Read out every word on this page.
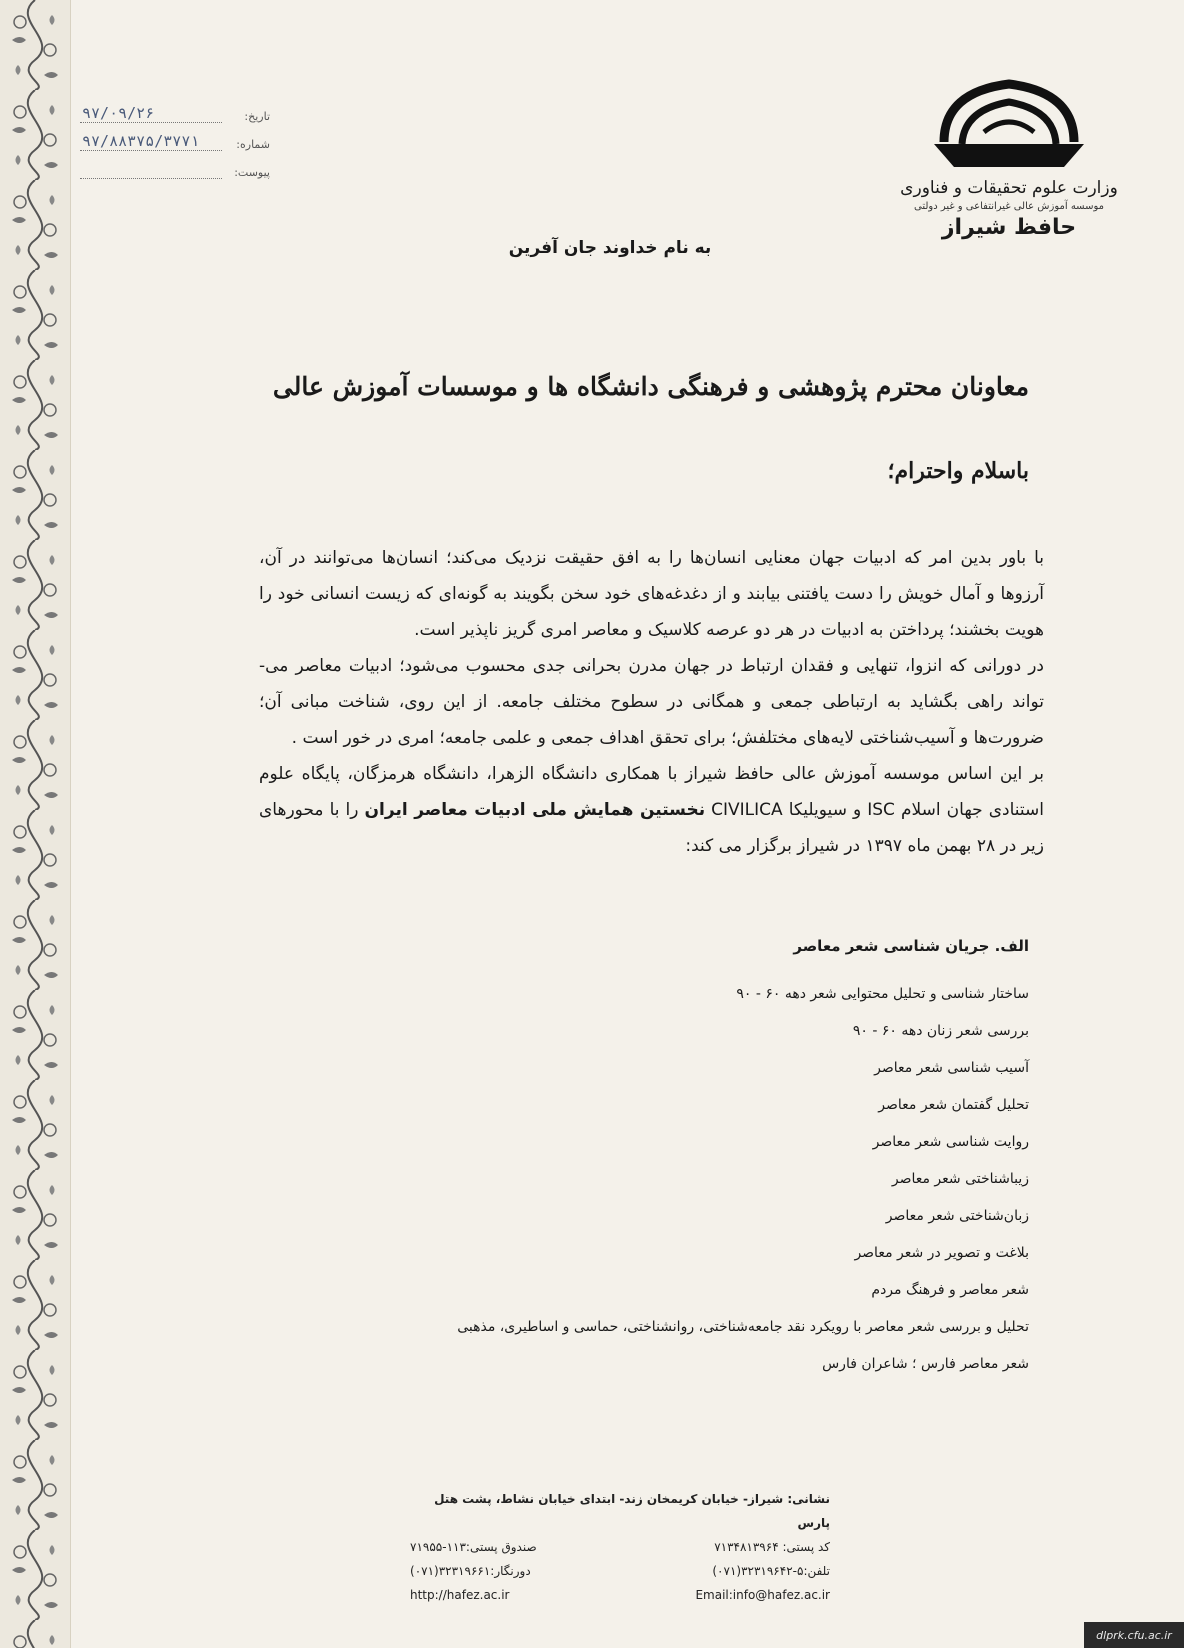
تاریخ:
۹۷/۰۹/۲۶
شماره:
۹۷/۸۸۳۷۵/۳۷۷۱
پیوست:
وزارت علوم تحقیقات و فناوری
موسسه آموزش عالی غیرانتفاعی و غیر دولتی
حافظ شیراز
به نام خداوند جان آفرین
معاونان محترم پژوهشی و فرهنگی دانشگاه ها و موسسات آموزش عالی
باسلام واحترام؛

با باور بدین امر که ادبیات جهان معنایی انسان‌ها را به افق حقیقت نزدیک می‌کند؛ انسان‌ها می‌توانند در آن، آرزوها و آمال خویش را دست یافتنی بیابند و از دغدغه‌های خود سخن بگویند به گونه‌ای که زیست انسانی خود را هویت بخشند؛ پرداختن به ادبیات در هر دو عرصه کلاسیک و معاصر امری گریز ناپذیر است.

در دورانی که انزوا، تنهایی و فقدان ارتباط در جهان مدرن بحرانی جدی محسوب می‌شود؛ ادبیات معاصر می-تواند راهی بگشاید به ارتباطی جمعی و همگانی در سطوح مختلف جامعه. از این روی، شناخت مبانی آن؛ ضرورت‌ها و آسیب‌شناختی لایه‌های مختلفش؛ برای تحقق اهداف جمعی و علمی جامعه؛ امری در خور است .

بر این اساس موسسه آموزش عالی حافظ شیراز با همکاری دانشگاه الزهرا، دانشگاه هرمزگان، پایگاه علوم استنادی جهان اسلام ISC و سیویلیکا CIVILICA نخستین همایش ملی ادبیات معاصر ایران را با محورهای زیر در ۲۸ بهمن ماه ۱۳۹۷ در شیراز برگزار می کند:

الف. جریان شناسی شعر معاصر
ساختار شناسی و تحلیل محتوایی شعر دهه ۶۰ - ۹۰
بررسی شعر زنان دهه ۶۰ - ۹۰
آسیب شناسی شعر معاصر
تحلیل گفتمان شعر معاصر
روایت شناسی شعر معاصر
زیباشناختی شعر معاصر
زبان‌شناختی شعر معاصر
بلاغت و تصویر در شعر معاصر
شعر معاصر و فرهنگ مردم
تحلیل و بررسی شعر معاصر با رویکرد نقد جامعه‌شناختی، روانشناختی، حماسی و اساطیری، مذهبی
شعر معاصر فارس ؛ شاعران فارس
نشانی: شیراز- خیابان کریمخان زند- ابتدای خیابان نشاط، پشت هتل پارس
کد پستی: ۷۱۳۴۸۱۳۹۶۴
صندوق پستی:۱۱۳-۷۱۹۵۵
تلفن:۵-۳۲۳۱۹۶۴۲(۰۷۱)
دورنگار:۳۲۳۱۹۶۶۱(۰۷۱)
http://hafez.ac.ir	Email:info@hafez.ac.ir
dlprk.cfu.ac.ir
